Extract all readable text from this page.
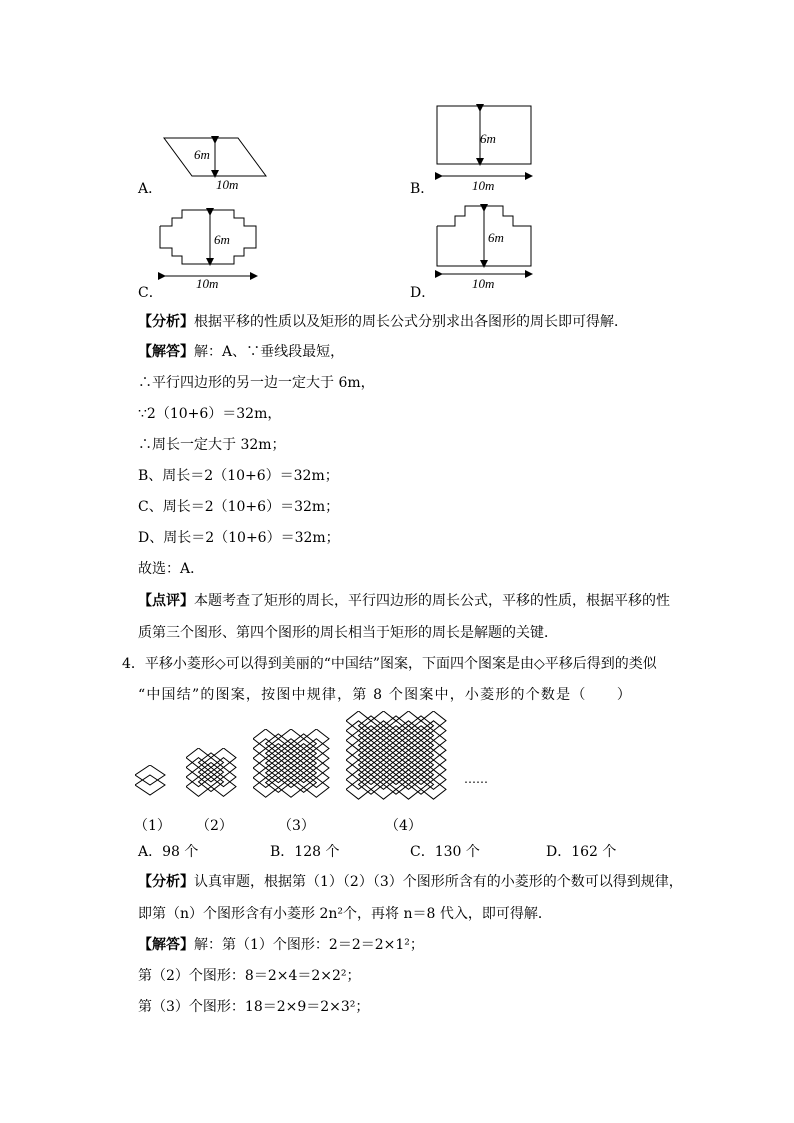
6m
10m
A．
6m
10m
B．
6m
10m
C．
6m
10m
D．
【分析】根据平移的性质以及矩形的周长公式分别求出各图形的周长即可得解．
【解答】解：A、∵垂线段最短，
∴平行四边形的另一边一定大于 6m，
∵2（10+6）＝32m，
∴周长一定大于 32m；
B、周长＝2（10+6）＝32m；
C、周长＝2（10+6）＝32m；
D、周长＝2（10+6）＝32m；
故选：A．
【点评】本题考查了矩形的周长，平行四边形的周长公式，平移的性质，根据平移的性
质第三个图形、第四个图形的周长相当于矩形的周长是解题的关键．
4．平移小菱形◇可以得到美丽的“中国结”图案，下面四个图案是由◇平移后得到的类似
“中国结”的图案，按图中规律，第 8 个图案中，小菱形的个数是（　　）
……
（1） （2）	（3）	（4）
A．98 个	B．128 个	C．130 个	D．162 个
【分析】认真审题，根据第（1）（2）（3）个图形所含有的小菱形的个数可以得到规律，
即第（n）个图形含有小菱形 2n²个，再将 n＝8 代入，即可得解．
【解答】解：第（1）个图形：2＝2＝2×1²；
第（2）个图形：8＝2×4＝2×2²；
第（3）个图形：18＝2×9＝2×3²；
